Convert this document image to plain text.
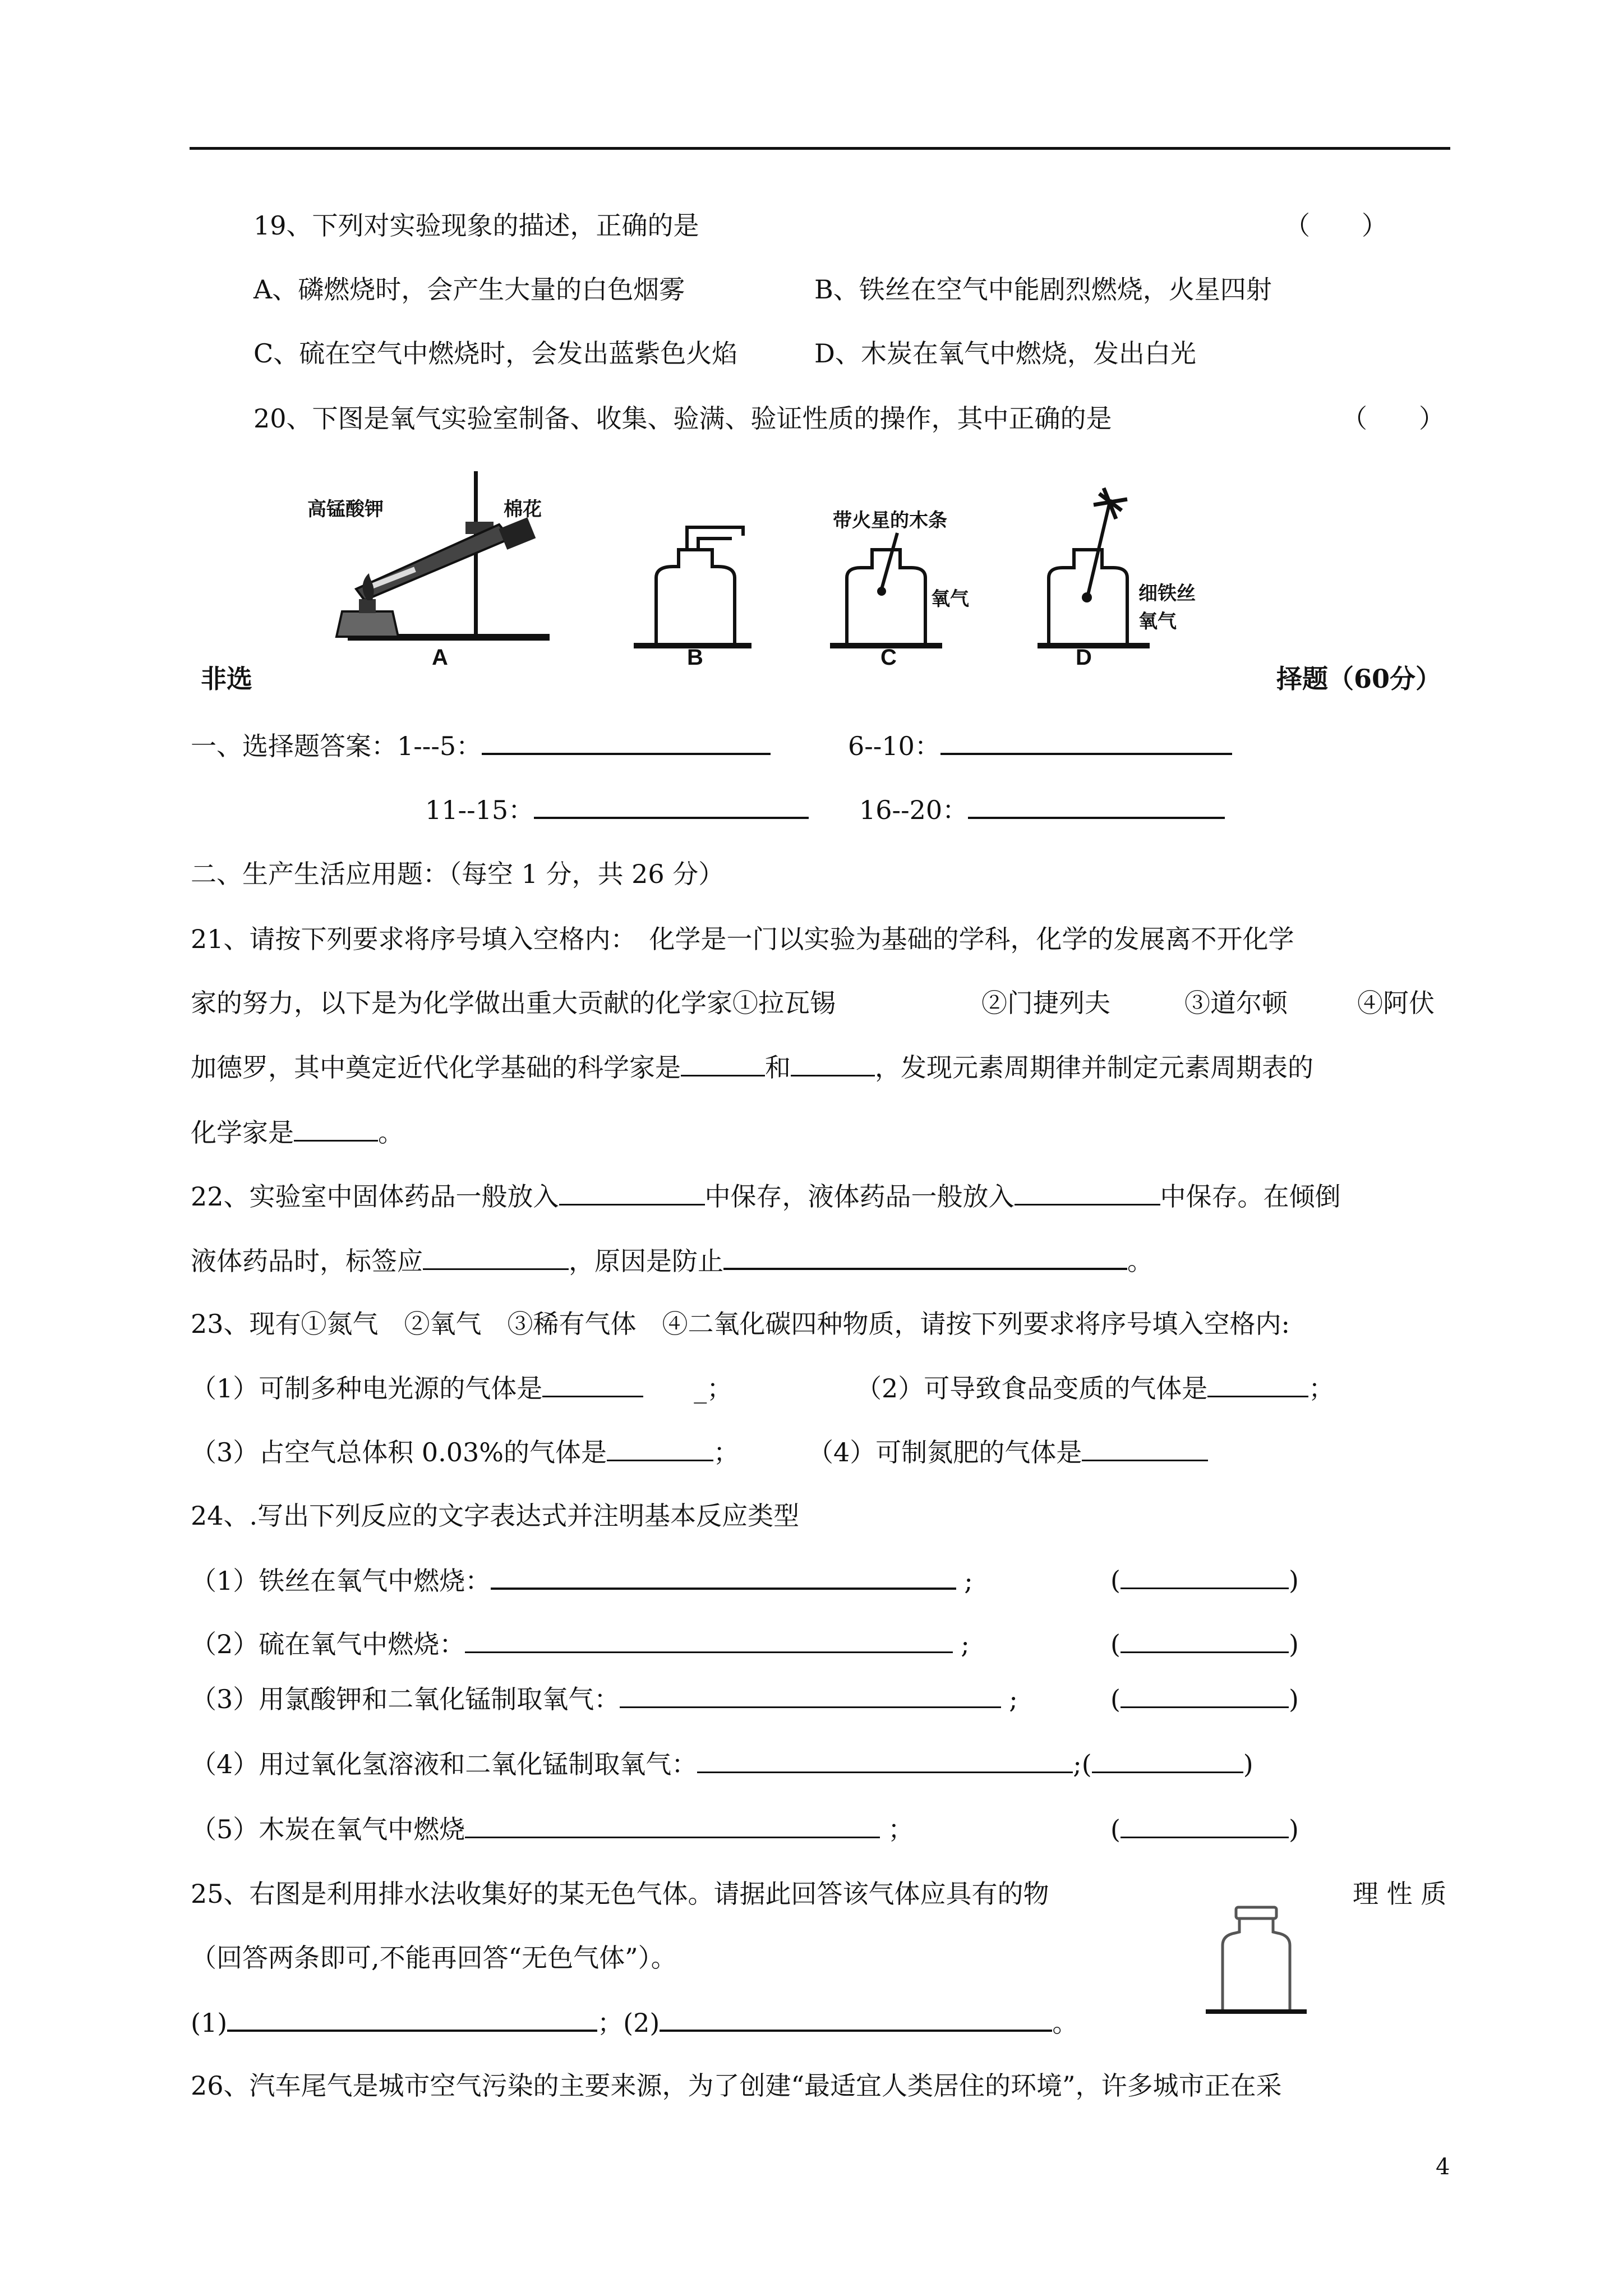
19、下列对实验现象的描述，正确的是	（　　）
A、磷燃烧时，会产生大量的白色烟雾	B、铁丝在空气中能剧烈燃烧，火星四射
C、硫在空气中燃烧时，会发出蓝紫色火焰	D、木炭在氧气中燃烧，发出白光
20、下图是氧气实验室制备、收集、验满、验证性质的操作，其中正确的是	（　　）
高锰酸钾	棉花
A	B
带火星的木条
氧气
C
细铁丝
氧气
D
非选	择题（60分）
一、选择题答案：1---5：	6--10：
11--15：	16--20：
二、生产生活应用题：（每空 1 分，共 26 分）
21、请按下列要求将序号填入空格内：　化学是一门以实验为基础的学科，化学的发展离不开化学
家的努力，以下是为化学做出重大贡献的化学家①拉瓦锡	②门捷列夫	③道尔顿	④阿伏
加德罗，其中奠定近代化学基础的科学家是	和	，发现元素周期律并制定元素周期表的
化学家是	。
22、实验室中固体药品一般放入	中保存，液体药品一般放入	中保存。在倾倒
液体药品时，标签应	，原因是防止	。
23、现有①氮气　②氧气　③稀有气体　④二氧化碳四种物质，请按下列要求将序号填入空格内:
（1）可制多种电光源的气体是	_；	（2）可导致食品变质的气体是	；
（3）占空气总体积 0.03%的气体是	；	（4）可制氮肥的气体是
24、.写出下列反应的文字表达式并注明基本反应类型
（1）铁丝在氧气中燃烧：	;	(	)
（2）硫在氧气中燃烧：	;	(	)
（3）用氯酸钾和二氧化锰制取氧气：	;	(	)
（4）用过氧化氢溶液和二氧化锰制取氧气：	;(	)
（5）木炭在氧气中燃烧	；	(	)
25、右图是利用排水法收集好的某无色气体。请据此回答该气体应具有的物	理 性 质
（回答两条即可,不能再回答“无色气体”）。
(1)	；(2)	。
26、汽车尾气是城市空气污染的主要来源，为了创建“最适宜人类居住的环境”，许多城市正在采
4
